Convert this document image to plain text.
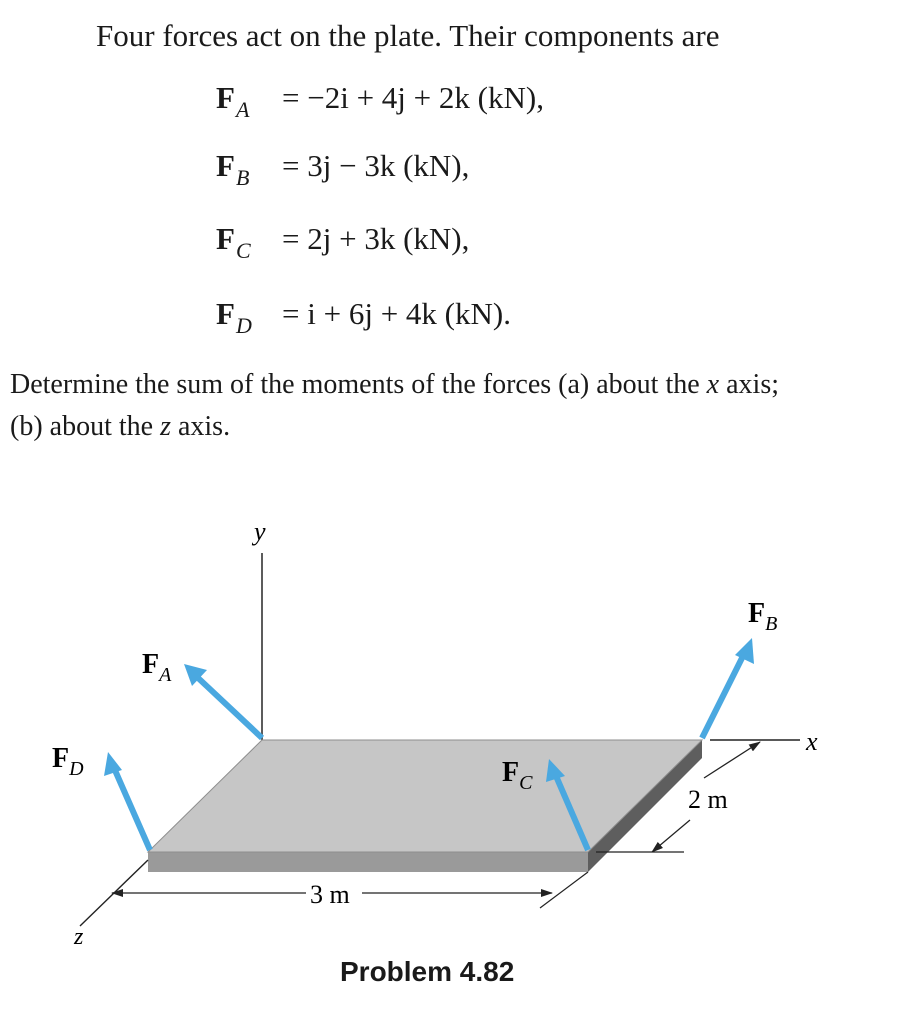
Four forces act on the plate. Their components are
$F_A = -2i + 4j + 2k$ (kN),
$F_B = 3j - 3k$ (kN),
$F_C = 2j + 3k$ (kN),
$F_D = i + 6j + 4k$ (kN).
Determine the sum of the moments of the forces (a) about the x axis;
(b) about the z axis.
y
x
z
3 m
2 m
$F_A$
$F_B$
$F_C$
$F_D$
Problem 4.82
